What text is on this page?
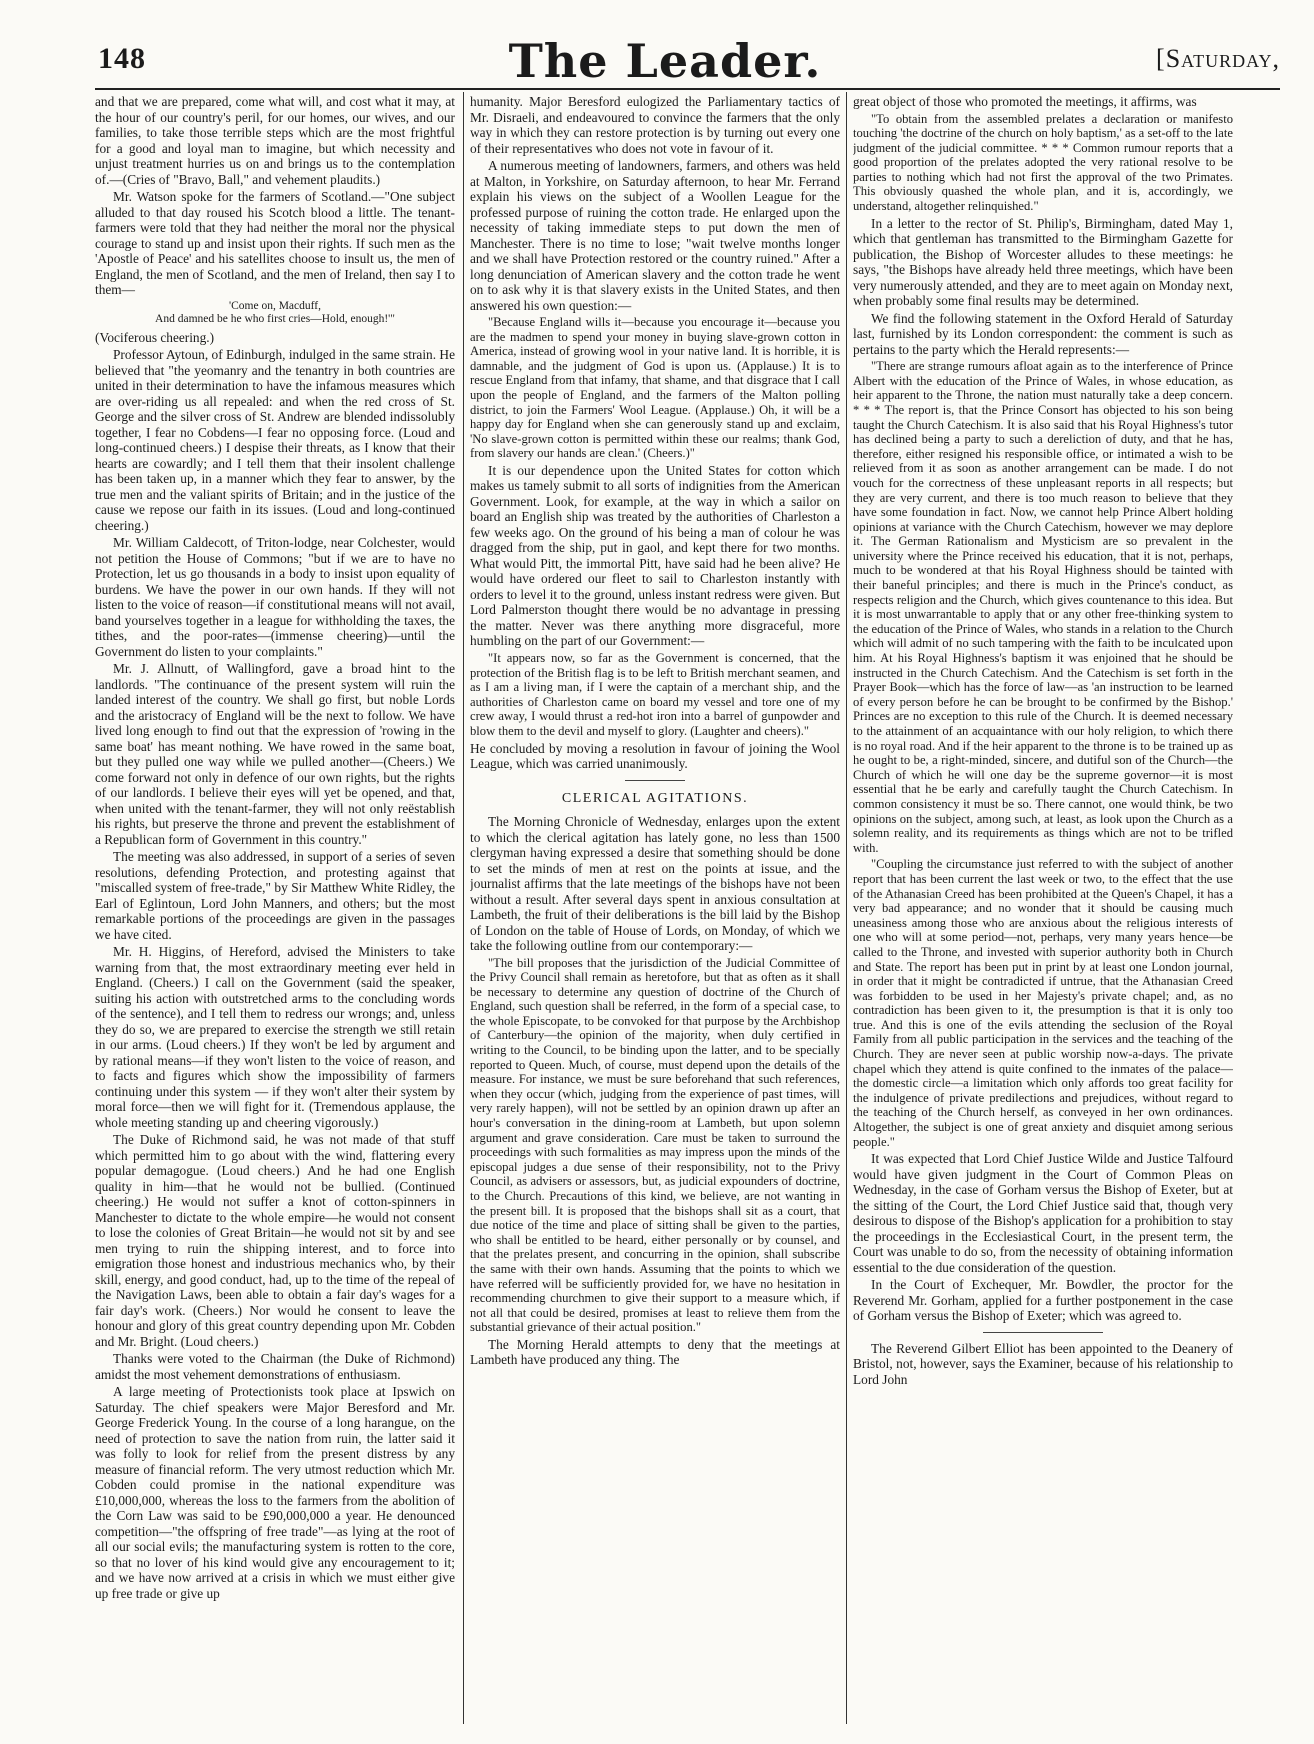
148	The Leader.	[Saturday,

and that we are prepared, come what will, and cost what it may, at the hour of our country's peril, for our homes, our wives, and our families, to take those terrible steps which are the most frightful for a good and loyal man to imagine, but which necessity and unjust treatment hurries us on and brings us to the contemplation of.—(Cries of "Bravo, Ball," and vehement plaudits.)

Mr. Watson spoke for the farmers of Scotland.—"One subject alluded to that day roused his Scotch blood a little. The tenant-farmers were told that they had neither the moral nor the physical courage to stand up and insist upon their rights. If such men as the 'Apostle of Peace' and his satellites choose to insult us, the men of England, the men of Scotland, and the men of Ireland, then say I to them—

'Come on, Macduff,
And damned be he who first cries—Hold, enough!'"

(Vociferous cheering.)

Professor Aytoun, of Edinburgh, indulged in the same strain. He believed that "the yeomanry and the tenantry in both countries are united in their determination to have the infamous measures which are over-riding us all repealed: and when the red cross of St. George and the silver cross of St. Andrew are blended indissolubly together, I fear no Cobdens—I fear no opposing force. (Loud and long-continued cheers.) I despise their threats, as I know that their hearts are cowardly; and I tell them that their insolent challenge has been taken up, in a manner which they fear to answer, by the true men and the valiant spirits of Britain; and in the justice of the cause we repose our faith in its issues. (Loud and long-continued cheering.)

Mr. William Caldecott, of Triton-lodge, near Colchester, would not petition the House of Commons; "but if we are to have no Protection, let us go thousands in a body to insist upon equality of burdens. We have the power in our own hands. If they will not listen to the voice of reason—if constitutional means will not avail, band yourselves together in a league for withholding the taxes, the tithes, and the poor-rates—(immense cheering)—until the Government do listen to your complaints."

Mr. J. Allnutt, of Wallingford, gave a broad hint to the landlords. "The continuance of the present system will ruin the landed interest of the country. We shall go first, but noble Lords and the aristocracy of England will be the next to follow. We have lived long enough to find out that the expression of 'rowing in the same boat' has meant nothing. We have rowed in the same boat, but they pulled one way while we pulled another—(Cheers.) We come forward not only in defence of our own rights, but the rights of our landlords. I believe their eyes will yet be opened, and that, when united with the tenant-farmer, they will not only reëstablish his rights, but preserve the throne and prevent the establishment of a Republican form of Government in this country."

The meeting was also addressed, in support of a series of seven resolutions, defending Protection, and protesting against that "miscalled system of free-trade," by Sir Matthew White Ridley, the Earl of Eglintoun, Lord John Manners, and others; but the most remarkable portions of the proceedings are given in the passages we have cited.

Mr. H. Higgins, of Hereford, advised the Ministers to take warning from that, the most extraordinary meeting ever held in England. (Cheers.) I call on the Government (said the speaker, suiting his action with outstretched arms to the concluding words of the sentence), and I tell them to redress our wrongs; and, unless they do so, we are prepared to exercise the strength we still retain in our arms. (Loud cheers.) If they won't be led by argument and by rational means—if they won't listen to the voice of reason, and to facts and figures which show the impossibility of farmers continuing under this system — if they won't alter their system by moral force—then we will fight for it. (Tremendous applause, the whole meeting standing up and cheering vigorously.)

The Duke of Richmond said, he was not made of that stuff which permitted him to go about with the wind, flattering every popular demagogue. (Loud cheers.) And he had one English quality in him—that he would not be bullied. (Continued cheering.) He would not suffer a knot of cotton-spinners in Manchester to dictate to the whole empire—he would not consent to lose the colonies of Great Britain—he would not sit by and see men trying to ruin the shipping interest, and to force into emigration those honest and industrious mechanics who, by their skill, energy, and good conduct, had, up to the time of the repeal of the Navigation Laws, been able to obtain a fair day's wages for a fair day's work. (Cheers.) Nor would he consent to leave the honour and glory of this great country depending upon Mr. Cobden and Mr. Bright. (Loud cheers.)

Thanks were voted to the Chairman (the Duke of Richmond) amidst the most vehement demonstrations of enthusiasm.

A large meeting of Protectionists took place at Ipswich on Saturday. The chief speakers were Major Beresford and Mr. George Frederick Young. In the course of a long harangue, on the need of protection to save the nation from ruin, the latter said it was folly to look for relief from the present distress by any measure of financial reform. The very utmost reduction which Mr. Cobden could promise in the national expenditure was £10,000,000, whereas the loss to the farmers from the abolition of the Corn Law was said to be £90,000,000 a year. He denounced competition—"the offspring of free trade"—as lying at the root of all our social evils; the manufacturing system is rotten to the core, so that no lover of his kind would give any encouragement to it; and we have now arrived at a crisis in which we must either give up free trade or give up

humanity. Major Beresford eulogized the Parliamentary tactics of Mr. Disraeli, and endeavoured to convince the farmers that the only way in which they can restore protection is by turning out every one of their representatives who does not vote in favour of it.

A numerous meeting of landowners, farmers, and others was held at Malton, in Yorkshire, on Saturday afternoon, to hear Mr. Ferrand explain his views on the subject of a Woollen League for the professed purpose of ruining the cotton trade. He enlarged upon the necessity of taking immediate steps to put down the men of Manchester. There is no time to lose; "wait twelve months longer and we shall have Protection restored or the country ruined." After a long denunciation of American slavery and the cotton trade he went on to ask why it is that slavery exists in the United States, and then answered his own question:—

"Because England wills it—because you encourage it—because you are the madmen to spend your money in buying slave-grown cotton in America, instead of growing wool in your native land. It is horrible, it is damnable, and the judgment of God is upon us. (Applause.) It is to rescue England from that infamy, that shame, and that disgrace that I call upon the people of England, and the farmers of the Malton polling district, to join the Farmers' Wool League. (Applause.) Oh, it will be a happy day for England when she can generously stand up and exclaim, 'No slave-grown cotton is permitted within these our realms; thank God, from slavery our hands are clean.' (Cheers.)"

It is our dependence upon the United States for cotton which makes us tamely submit to all sorts of indignities from the American Government. Look, for example, at the way in which a sailor on board an English ship was treated by the authorities of Charleston a few weeks ago. On the ground of his being a man of colour he was dragged from the ship, put in gaol, and kept there for two months. What would Pitt, the immortal Pitt, have said had he been alive? He would have ordered our fleet to sail to Charleston instantly with orders to level it to the ground, unless instant redress were given. But Lord Palmerston thought there would be no advantage in pressing the matter. Never was there anything more disgraceful, more humbling on the part of our Government:—

"It appears now, so far as the Government is concerned, that the protection of the British flag is to be left to British merchant seamen, and as I am a living man, if I were the captain of a merchant ship, and the authorities of Charleston came on board my vessel and tore one of my crew away, I would thrust a red-hot iron into a barrel of gunpowder and blow them to the devil and myself to glory. (Laughter and cheers)."

He concluded by moving a resolution in favour of joining the Wool League, which was carried unanimously.

CLERICAL AGITATIONS.

The Morning Chronicle of Wednesday, enlarges upon the extent to which the clerical agitation has lately gone, no less than 1500 clergyman having expressed a desire that something should be done to set the minds of men at rest on the points at issue, and the journalist affirms that the late meetings of the bishops have not been without a result. After several days spent in anxious consultation at Lambeth, the fruit of their deliberations is the bill laid by the Bishop of London on the table of House of Lords, on Monday, of which we take the following outline from our contemporary:—

"The bill proposes that the jurisdiction of the Judicial Committee of the Privy Council shall remain as heretofore, but that as often as it shall be necessary to determine any question of doctrine of the Church of England, such question shall be referred, in the form of a special case, to the whole Episcopate, to be convoked for that purpose by the Archbishop of Canterbury—the opinion of the majority, when duly certified in writing to the Council, to be binding upon the latter, and to be specially reported to Queen. Much, of course, must depend upon the details of the measure. For instance, we must be sure beforehand that such references, when they occur (which, judging from the experience of past times, will very rarely happen), will not be settled by an opinion drawn up after an hour's conversation in the dining-room at Lambeth, but upon solemn argument and grave consideration. Care must be taken to surround the proceedings with such formalities as may impress upon the minds of the episcopal judges a due sense of their responsibility, not to the Privy Council, as advisers or assessors, but, as judicial expounders of doctrine, to the Church. Precautions of this kind, we believe, are not wanting in the present bill. It is proposed that the bishops shall sit as a court, that due notice of the time and place of sitting shall be given to the parties, who shall be entitled to be heard, either personally or by counsel, and that the prelates present, and concurring in the opinion, shall subscribe the same with their own hands. Assuming that the points to which we have referred will be sufficiently provided for, we have no hesitation in recommending churchmen to give their support to a measure which, if not all that could be desired, promises at least to relieve them from the substantial grievance of their actual position."

The Morning Herald attempts to deny that the meetings at Lambeth have produced any thing. The

great object of those who promoted the meetings, it affirms, was

"To obtain from the assembled prelates a declaration or manifesto touching 'the doctrine of the church on holy baptism,' as a set-off to the late judgment of the judicial committee. * * * Common rumour reports that a good proportion of the prelates adopted the very rational resolve to be parties to nothing which had not first the approval of the two Primates. This obviously quashed the whole plan, and it is, accordingly, we understand, altogether relinquished."

In a letter to the rector of St. Philip's, Birmingham, dated May 1, which that gentleman has transmitted to the Birmingham Gazette for publication, the Bishop of Worcester alludes to these meetings: he says, "the Bishops have already held three meetings, which have been very numerously attended, and they are to meet again on Monday next, when probably some final results may be determined.

We find the following statement in the Oxford Herald of Saturday last, furnished by its London correspondent: the comment is such as pertains to the party which the Herald represents:—

"There are strange rumours afloat again as to the interference of Prince Albert with the education of the Prince of Wales, in whose education, as heir apparent to the Throne, the nation must naturally take a deep concern. * * * The report is, that the Prince Consort has objected to his son being taught the Church Catechism. It is also said that his Royal Highness's tutor has declined being a party to such a dereliction of duty, and that he has, therefore, either resigned his responsible office, or intimated a wish to be relieved from it as soon as another arrangement can be made. I do not vouch for the correctness of these unpleasant reports in all respects; but they are very current, and there is too much reason to believe that they have some foundation in fact. Now, we cannot help Prince Albert holding opinions at variance with the Church Catechism, however we may deplore it. The German Rationalism and Mysticism are so prevalent in the university where the Prince received his education, that it is not, perhaps, much to be wondered at that his Royal Highness should be tainted with their baneful principles; and there is much in the Prince's conduct, as respects religion and the Church, which gives countenance to this idea. But it is most unwarrantable to apply that or any other free-thinking system to the education of the Prince of Wales, who stands in a relation to the Church which will admit of no such tampering with the faith to be inculcated upon him. At his Royal Highness's baptism it was enjoined that he should be instructed in the Church Catechism. And the Catechism is set forth in the Prayer Book—which has the force of law—as 'an instruction to be learned of every person before he can be brought to be confirmed by the Bishop.' Princes are no exception to this rule of the Church. It is deemed necessary to the attainment of an acquaintance with our holy religion, to which there is no royal road. And if the heir apparent to the throne is to be trained up as he ought to be, a right-minded, sincere, and dutiful son of the Church—the Church of which he will one day be the supreme governor—it is most essential that he be early and carefully taught the Church Catechism. In common consistency it must be so. There cannot, one would think, be two opinions on the subject, among such, at least, as look upon the Church as a solemn reality, and its requirements as things which are not to be trifled with.

"Coupling the circumstance just referred to with the subject of another report that has been current the last week or two, to the effect that the use of the Athanasian Creed has been prohibited at the Queen's Chapel, it has a very bad appearance; and no wonder that it should be causing much uneasiness among those who are anxious about the religious interests of one who will at some period—not, perhaps, very many years hence—be called to the Throne, and invested with superior authority both in Church and State. The report has been put in print by at least one London journal, in order that it might be contradicted if untrue, that the Athanasian Creed was forbidden to be used in her Majesty's private chapel; and, as no contradiction has been given to it, the presumption is that it is only too true. And this is one of the evils attending the seclusion of the Royal Family from all public participation in the services and the teaching of the Church. They are never seen at public worship now-a-days. The private chapel which they attend is quite confined to the inmates of the palace—the domestic circle—a limitation which only affords too great facility for the indulgence of private predilections and prejudices, without regard to the teaching of the Church herself, as conveyed in her own ordinances. Altogether, the subject is one of great anxiety and disquiet among serious people."

It was expected that Lord Chief Justice Wilde and Justice Talfourd would have given judgment in the Court of Common Pleas on Wednesday, in the case of Gorham versus the Bishop of Exeter, but at the sitting of the Court, the Lord Chief Justice said that, though very desirous to dispose of the Bishop's application for a prohibition to stay the proceedings in the Ecclesiastical Court, in the present term, the Court was unable to do so, from the necessity of obtaining information essential to the due consideration of the question.

In the Court of Exchequer, Mr. Bowdler, the proctor for the Reverend Mr. Gorham, applied for a further postponement in the case of Gorham versus the Bishop of Exeter; which was agreed to.

The Reverend Gilbert Elliot has been appointed to the Deanery of Bristol, not, however, says the Examiner, because of his relationship to Lord John
